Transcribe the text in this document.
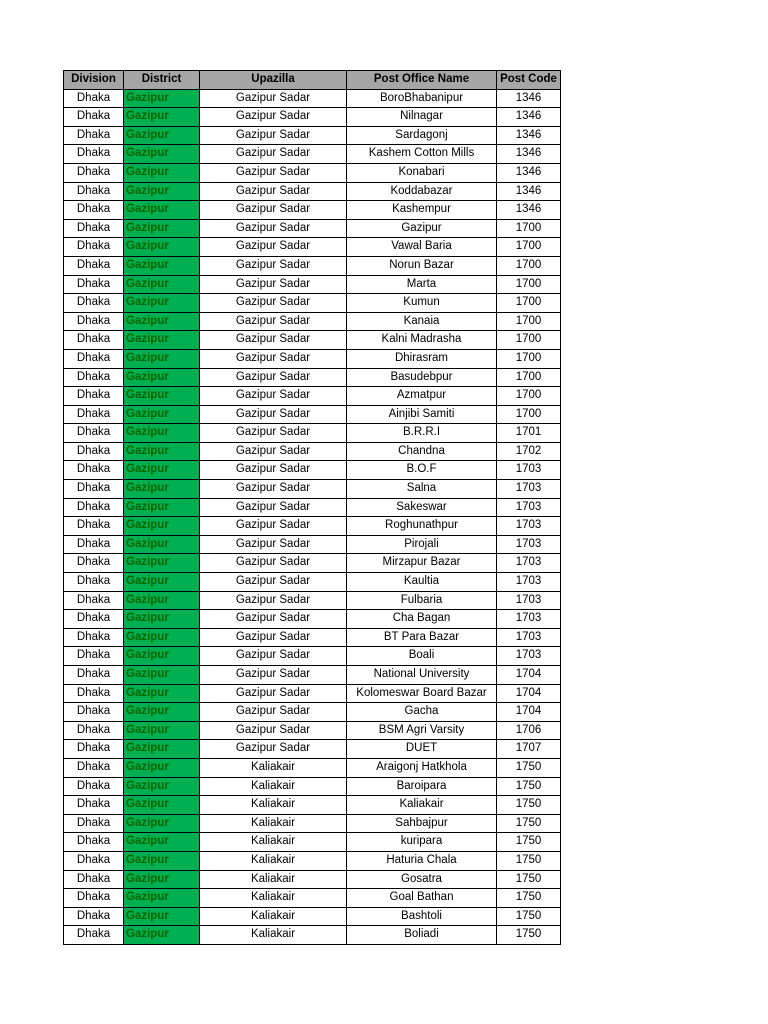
Division	District	Upazilla	Post Office Name	Post Code
Dhaka	Gazipur	Gazipur Sadar	BoroBhabanipur	1346
Dhaka	Gazipur	Gazipur Sadar	Nilnagar	1346
Dhaka	Gazipur	Gazipur Sadar	Sardagonj	1346
Dhaka	Gazipur	Gazipur Sadar	Kashem Cotton Mills	1346
Dhaka	Gazipur	Gazipur Sadar	Konabari	1346
Dhaka	Gazipur	Gazipur Sadar	Koddabazar	1346
Dhaka	Gazipur	Gazipur Sadar	Kashempur	1346
Dhaka	Gazipur	Gazipur Sadar	Gazipur	1700
Dhaka	Gazipur	Gazipur Sadar	Vawal Baria	1700
Dhaka	Gazipur	Gazipur Sadar	Norun Bazar	1700
Dhaka	Gazipur	Gazipur Sadar	Marta	1700
Dhaka	Gazipur	Gazipur Sadar	Kumun	1700
Dhaka	Gazipur	Gazipur Sadar	Kanaia	1700
Dhaka	Gazipur	Gazipur Sadar	Kalni Madrasha	1700
Dhaka	Gazipur	Gazipur Sadar	Dhirasram	1700
Dhaka	Gazipur	Gazipur Sadar	Basudebpur	1700
Dhaka	Gazipur	Gazipur Sadar	Azmatpur	1700
Dhaka	Gazipur	Gazipur Sadar	Ainjibi Samiti	1700
Dhaka	Gazipur	Gazipur Sadar	B.R.R.I	1701
Dhaka	Gazipur	Gazipur Sadar	Chandna	1702
Dhaka	Gazipur	Gazipur Sadar	B.O.F	1703
Dhaka	Gazipur	Gazipur Sadar	Salna	1703
Dhaka	Gazipur	Gazipur Sadar	Sakeswar	1703
Dhaka	Gazipur	Gazipur Sadar	Roghunathpur	1703
Dhaka	Gazipur	Gazipur Sadar	Pirojali	1703
Dhaka	Gazipur	Gazipur Sadar	Mirzapur Bazar	1703
Dhaka	Gazipur	Gazipur Sadar	Kaultia	1703
Dhaka	Gazipur	Gazipur Sadar	Fulbaria	1703
Dhaka	Gazipur	Gazipur Sadar	Cha Bagan	1703
Dhaka	Gazipur	Gazipur Sadar	BT Para Bazar	1703
Dhaka	Gazipur	Gazipur Sadar	Boali	1703
Dhaka	Gazipur	Gazipur Sadar	National University	1704
Dhaka	Gazipur	Gazipur Sadar	Kolomeswar Board Bazar	1704
Dhaka	Gazipur	Gazipur Sadar	Gacha	1704
Dhaka	Gazipur	Gazipur Sadar	BSM Agri Varsity	1706
Dhaka	Gazipur	Gazipur Sadar	DUET	1707
Dhaka	Gazipur	Kaliakair	Araigonj Hatkhola	1750
Dhaka	Gazipur	Kaliakair	Baroipara	1750
Dhaka	Gazipur	Kaliakair	Kaliakair	1750
Dhaka	Gazipur	Kaliakair	Sahbajpur	1750
Dhaka	Gazipur	Kaliakair	kuripara	1750
Dhaka	Gazipur	Kaliakair	Haturia Chala	1750
Dhaka	Gazipur	Kaliakair	Gosatra	1750
Dhaka	Gazipur	Kaliakair	Goal Bathan	1750
Dhaka	Gazipur	Kaliakair	Bashtoli	1750
Dhaka	Gazipur	Kaliakair	Boliadi	1750
